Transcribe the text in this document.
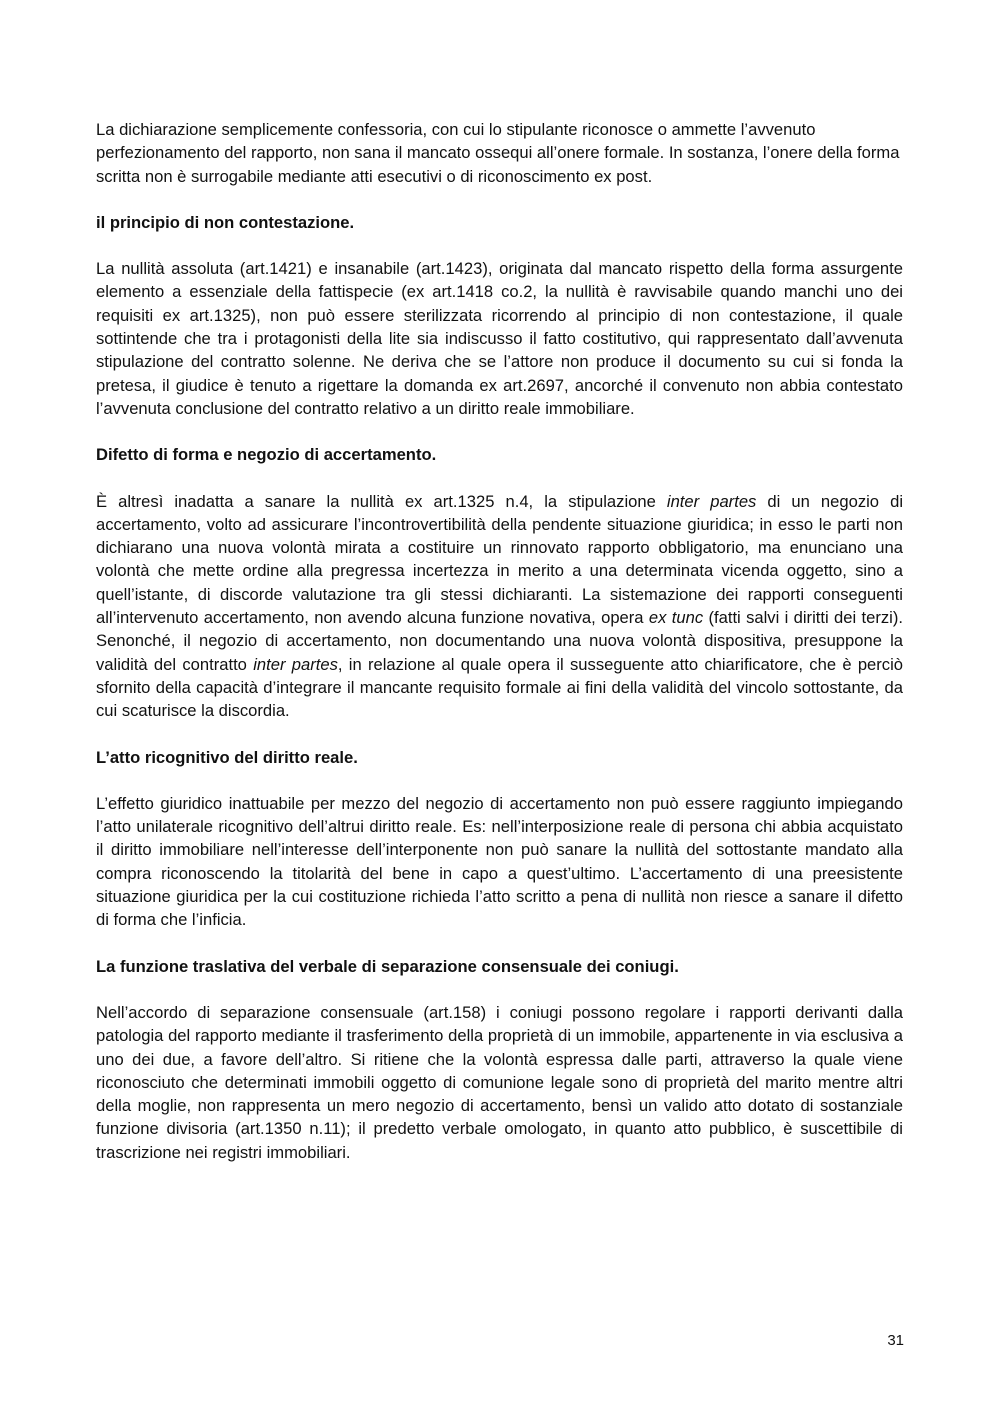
La dichiarazione semplicemente confessoria, con cui lo stipulante riconosce o ammette l’avvenuto perfezionamento del rapporto, non sana il mancato ossequi all’onere formale. In sostanza, l’onere della forma scritta non è surrogabile mediante atti esecutivi o di riconoscimento ex post.

il principio di non contestazione.

La nullità assoluta (art.1421) e insanabile (art.1423), originata dal mancato rispetto della forma assurgente elemento a essenziale della fattispecie (ex art.1418 co.2, la nullità è ravvisabile quando manchi uno dei requisiti ex art.1325), non può essere sterilizzata ricorrendo al principio di non contestazione, il quale sottintende che tra i protagonisti della lite sia indiscusso il fatto costitutivo, qui rappresentato dall’avvenuta stipulazione del contratto solenne. Ne deriva che se l’attore non produce il documento su cui si fonda la pretesa, il giudice è tenuto a rigettare la domanda ex art.2697, ancorché il convenuto non abbia contestato l’avvenuta conclusione del contratto relativo a un diritto reale immobiliare.

Difetto di forma e negozio di accertamento.

È altresì inadatta a sanare la nullità ex art.1325 n.4, la stipulazione inter partes di un negozio di accertamento, volto ad assicurare l’incontrovertibilità della pendente situazione giuridica; in esso le parti non dichiarano una nuova volontà mirata a costituire un rinnovato rapporto obbligatorio, ma enunciano una volontà che mette ordine alla pregressa incertezza in merito a una determinata vicenda oggetto, sino a quell’istante, di discorde valutazione tra gli stessi dichiaranti. La sistemazione dei rapporti conseguenti all’intervenuto accertamento, non avendo alcuna funzione novativa, opera ex tunc (fatti salvi i diritti dei terzi). Senonché, il negozio di accertamento, non documentando una nuova volontà dispositiva, presuppone la validità del contratto inter partes, in relazione al quale opera il susseguente atto chiarificatore, che è perciò sfornito della capacità d’integrare il mancante requisito formale ai fini della validità del vincolo sottostante, da cui scaturisce la discordia.

L’atto ricognitivo del diritto reale.

L’effetto giuridico inattuabile per mezzo del negozio di accertamento non può essere raggiunto impiegando l’atto unilaterale ricognitivo dell’altrui diritto reale. Es: nell’interposizione reale di persona chi abbia acquistato il diritto immobiliare nell’interesse dell’interponente non può sanare la nullità del sottostante mandato alla compra riconoscendo la titolarità del bene in capo a quest’ultimo. L’accertamento di una preesistente situazione giuridica per la cui costituzione richieda l’atto scritto a pena di nullità non riesce a sanare il difetto di forma che l’inficia.

La funzione traslativa del verbale di separazione consensuale dei coniugi.

Nell’accordo di separazione consensuale (art.158) i coniugi possono regolare i rapporti derivanti dalla patologia del rapporto mediante il trasferimento della proprietà di un immobile, appartenente in via esclusiva a uno dei due, a favore dell’altro. Si ritiene che la volontà espressa dalle parti, attraverso la quale viene riconosciuto che determinati immobili oggetto di comunione legale sono di proprietà del marito mentre altri della moglie, non rappresenta un mero negozio di accertamento, bensì un valido atto dotato di sostanziale funzione divisoria (art.1350 n.11); il predetto verbale omologato, in quanto atto pubblico, è suscettibile di trascrizione nei registri immobiliari.

31
